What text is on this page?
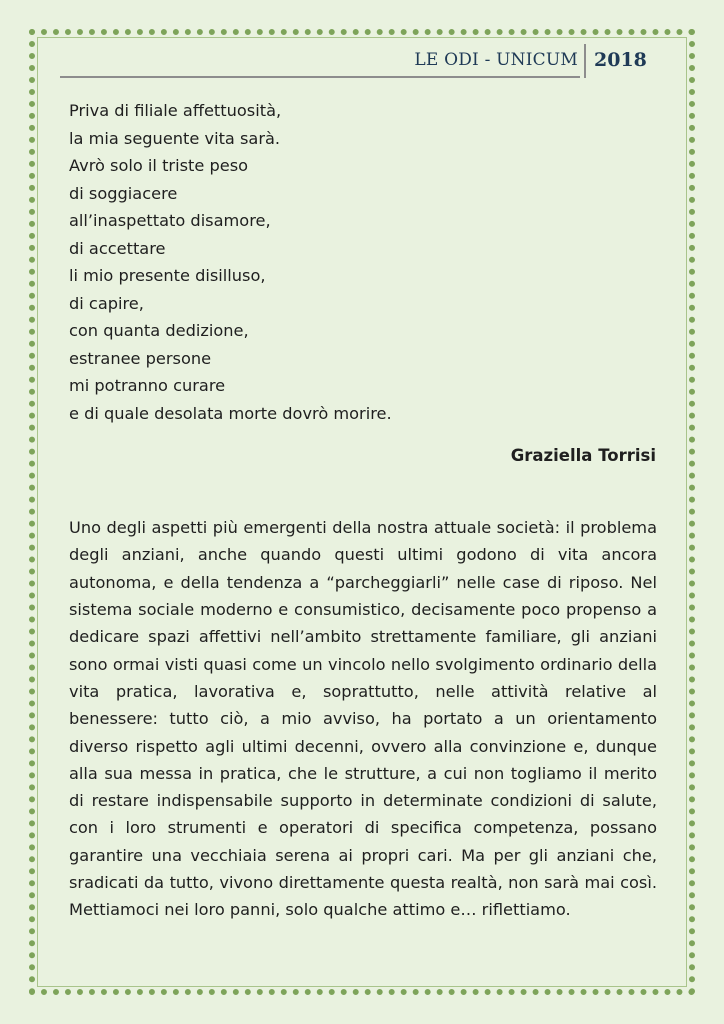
LE ODI - UNICUM 2018
Priva di filiale affettuosità,
la mia seguente vita sarà.
Avrò solo il triste peso
di soggiacere
all’inaspettato disamore,
di accettare
li mio presente disilluso,
di capire,
con quanta dedizione,
estranee persone
mi potranno curare
e di quale desolata morte dovrò morire.
Graziella Torrisi

Uno degli aspetti più emergenti della nostra attuale società: il problema degli anziani, anche quando questi ultimi godono di vita ancora autonoma, e della tendenza a “parcheggiarli” nelle case di riposo. Nel sistema sociale moderno e consumistico, decisamente poco propenso a dedicare spazi affettivi nell’ambito strettamente familiare, gli anziani sono ormai visti quasi come un vincolo nello svolgimento ordinario della vita pratica, lavorativa e, soprattutto, nelle attività relative al benessere: tutto ciò, a mio avviso, ha portato a un orientamento diverso rispetto agli ultimi decenni, ovvero alla convinzione e, dunque alla sua messa in pratica, che le strutture, a cui non togliamo il merito di restare indispensabile supporto in determinate condizioni di salute, con i loro strumenti e operatori di specifica competenza, possano garantire una vecchiaia serena ai propri cari. Ma per gli anziani che, sradicati da tutto, vivono direttamente questa realtà, non sarà mai così. Mettiamoci nei loro panni, solo qualche attimo e… riflettiamo.
